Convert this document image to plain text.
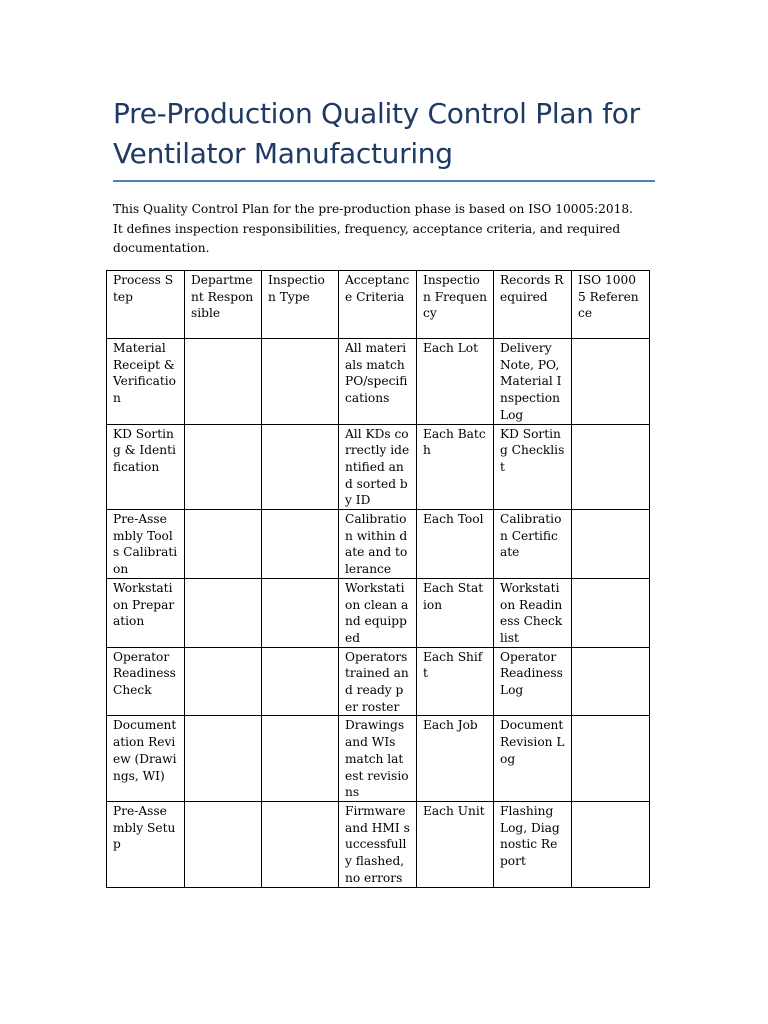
Pre-Production Quality Control Plan for
Ventilator Manufacturing

This Quality Control Plan for the pre-production phase is based on ISO 10005:2018. It defines inspection responsibilities, frequency, acceptance criteria, and required documentation.

Process Step	Department Responsible	Inspection Type	Acceptance Criteria	Inspection Frequency	Records Required	ISO 10005 Reference
Material Receipt & Verification			All materials match PO/specifications	Each Lot	Delivery Note, PO, Material Inspection Log	
KD Sorting & Identification			All KDs correctly identified and sorted by ID	Each Batch	KD Sorting Checklist	
Pre-Assembly Tools Calibration			Calibration within date and tolerance	Each Tool	Calibration Certificate	
Workstation Preparation			Workstation clean and equipped	Each Station	Workstation Readiness Checklist	
Operator Readiness Check			Operators trained and ready per roster	Each Shift	Operator Readiness Log	
Documentation Review (Drawings, WI)			Drawings and WIs match latest revisions	Each Job	Document Revision Log	
Pre-Assembly Setup			Firmware and HMI successfully flashed, no errors	Each Unit	Flashing Log, Diagnostic Report	
